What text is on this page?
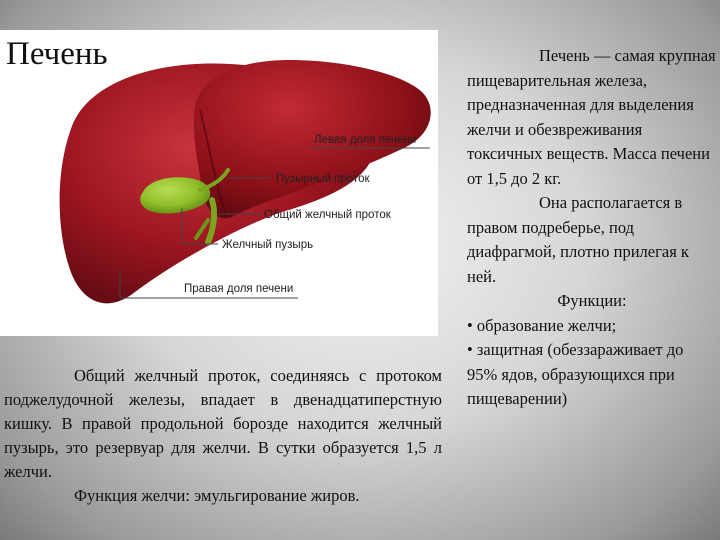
Левая доля печени
Пузырный проток
Общий желчный проток
Желчный пузырь
Правая доля печени
Печень

Общий желчный проток, соединяясь с протоком поджелудочной железы, впадает в двенадцатиперстную кишку. В правой продольной борозде находится желчный пузырь, это резервуар для желчи. В сутки образуется 1,5 л желчи.

Функция желчи: эмульгирование жиров.

Печень — самая крупная пищеварительная железа, предназначенная для выделения желчи и обезвреживания токсичных веществ. Масса печени от 1,5 до 2 кг.

Она располагается в правом подреберье, под диафрагмой, плотно прилегая к ней.

Функции:

• образование желчи;

• защитная (обеззараживает до 95% ядов, образующихся при пищеварении)
